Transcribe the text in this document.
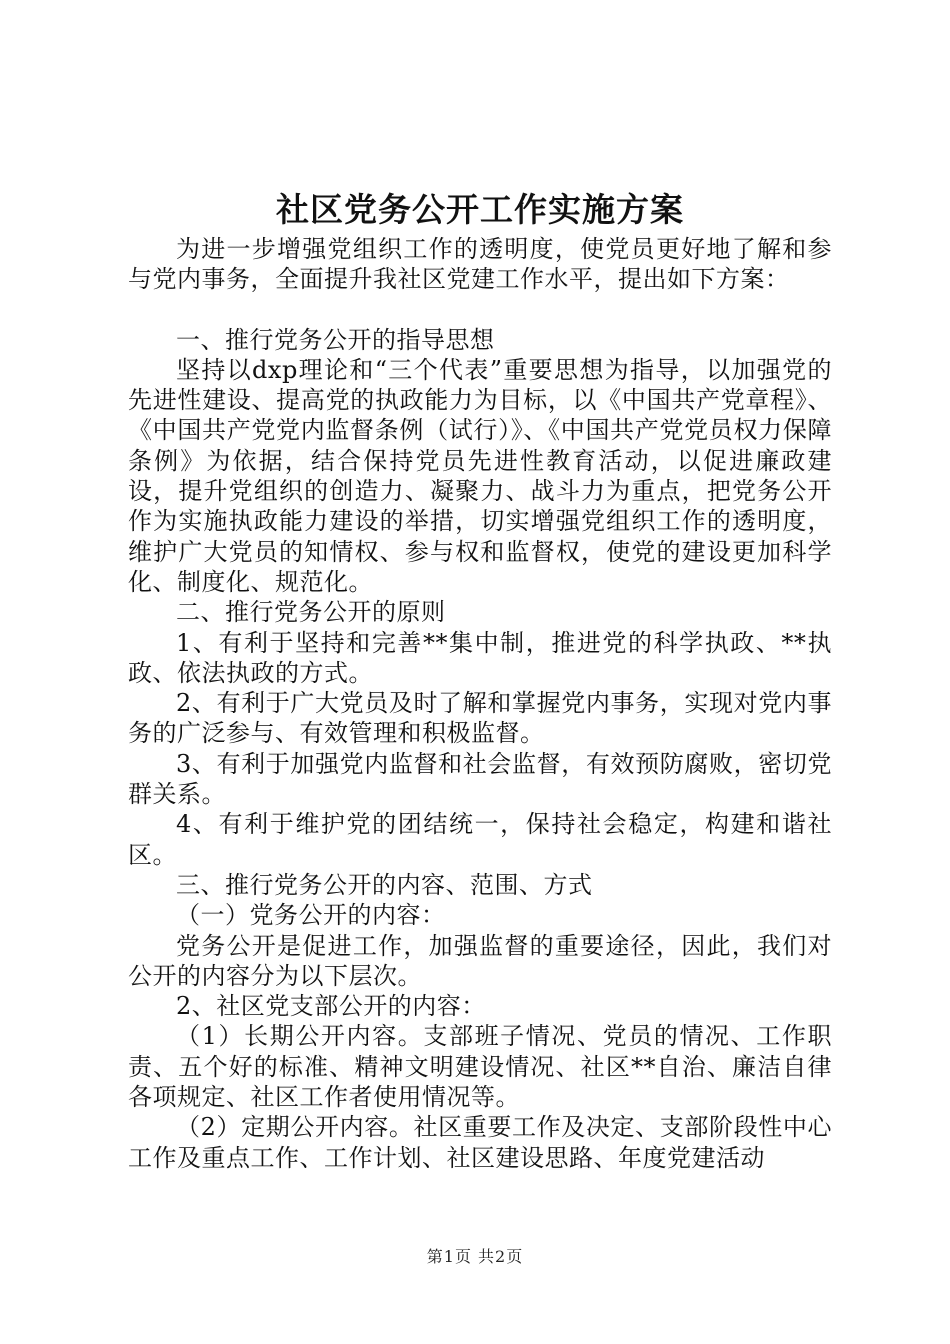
社区党务公开工作实施方案

为进一步增强党组织工作的透明度，使党员更好地了解和参与党内事务，全面提升我社区党建工作水平，提出如下方案：

一、推行党务公开的指导思想

坚持以dxp理论和“三个代表”重要思想为指导，以加强党的先进性建设、提高党的执政能力为目标，以《中国共产党章程》、《中国共产党党内监督条例（试行）》、《中国共产党党员权力保障条例》为依据，结合保持党员先进性教育活动，以促进廉政建设，提升党组织的创造力、凝聚力、战斗力为重点，把党务公开作为实施执政能力建设的举措，切实增强党组织工作的透明度，维护广大党员的知情权、参与权和监督权，使党的建设更加科学化、制度化、规范化。

二、推行党务公开的原则

1、有利于坚持和完善**集中制，推进党的科学执政、**执政、依法执政的方式。

2、有利于广大党员及时了解和掌握党内事务，实现对党内事务的广泛参与、有效管理和积极监督。

3、有利于加强党内监督和社会监督，有效预防腐败，密切党群关系。

4、有利于维护党的团结统一，保持社会稳定，构建和谐社区。

三、推行党务公开的内容、范围、方式

（一）党务公开的内容：

党务公开是促进工作，加强监督的重要途径，因此，我们对公开的内容分为以下层次。

2、社区党支部公开的内容：

（1）长期公开内容。支部班子情况、党员的情况、工作职责、五个好的标准、精神文明建设情况、社区**自治、廉洁自律各项规定、社区工作者使用情况等。

（2）定期公开内容。社区重要工作及决定、支部阶段性中心工作及重点工作、工作计划、社区建设思路、年度党建活动

第1页 共2页
